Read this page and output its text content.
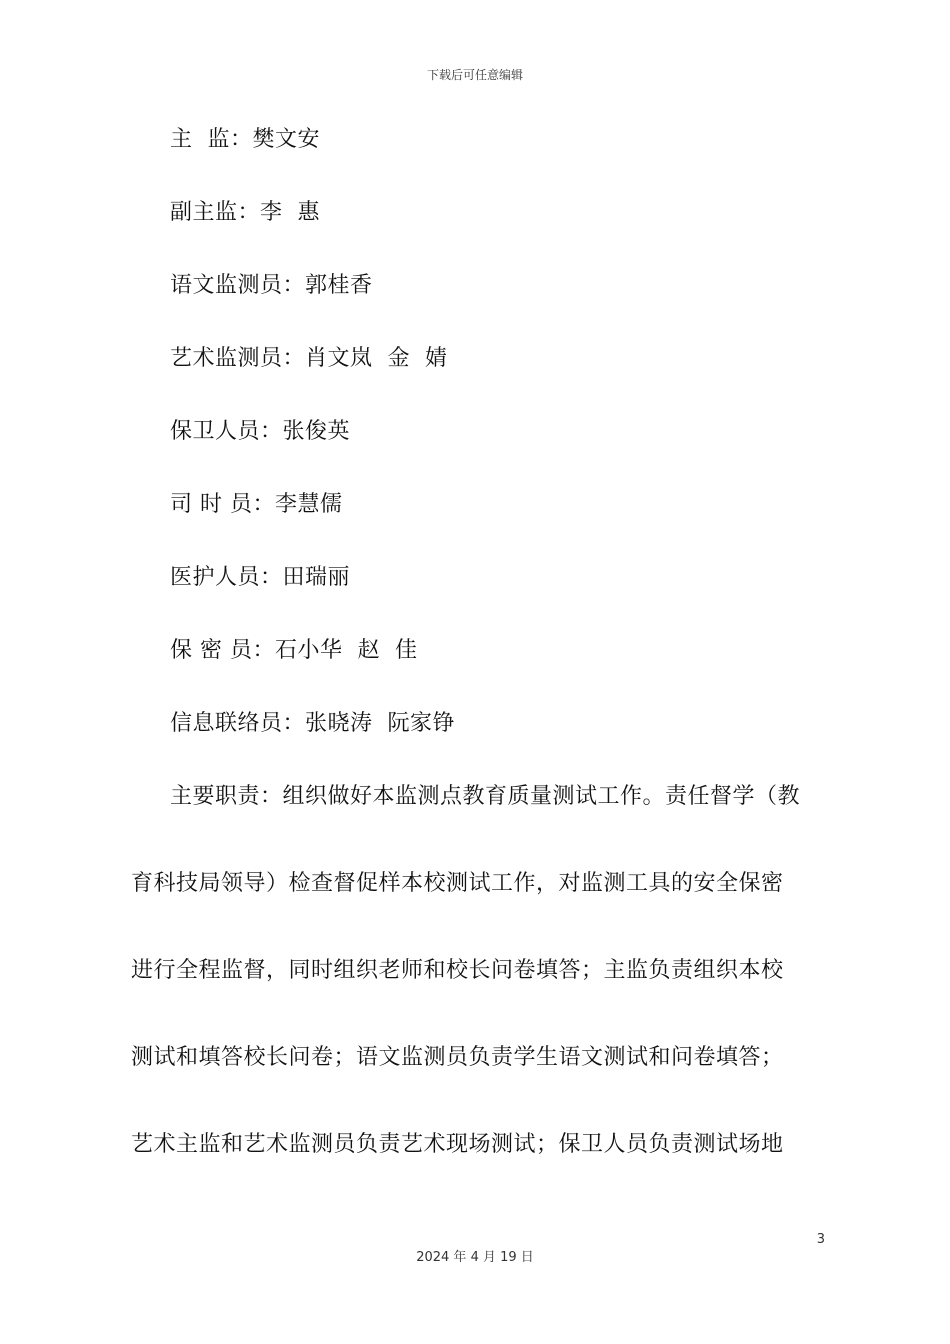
下载后可任意编辑
主  监：樊文安
副主监：李  惠
语文监测员：郭桂香
艺术监测员：肖文岚  金  婧
保卫人员：张俊英
司 时 员：李慧儒
医护人员：田瑞丽
保 密 员：石小华  赵  佳
信息联络员：张晓涛  阮家铮
主要职责：组织做好本监测点教育质量测试工作。责任督学（教
育科技局领导）检查督促样本校测试工作，对监测工具的安全保密
进行全程监督，同时组织老师和校长问卷填答；主监负责组织本校
测试和填答校长问卷；语文监测员负责学生语文测试和问卷填答；
艺术主监和艺术监测员负责艺术现场测试；保卫人员负责测试场地
3
2024 年 4 月 19 日
